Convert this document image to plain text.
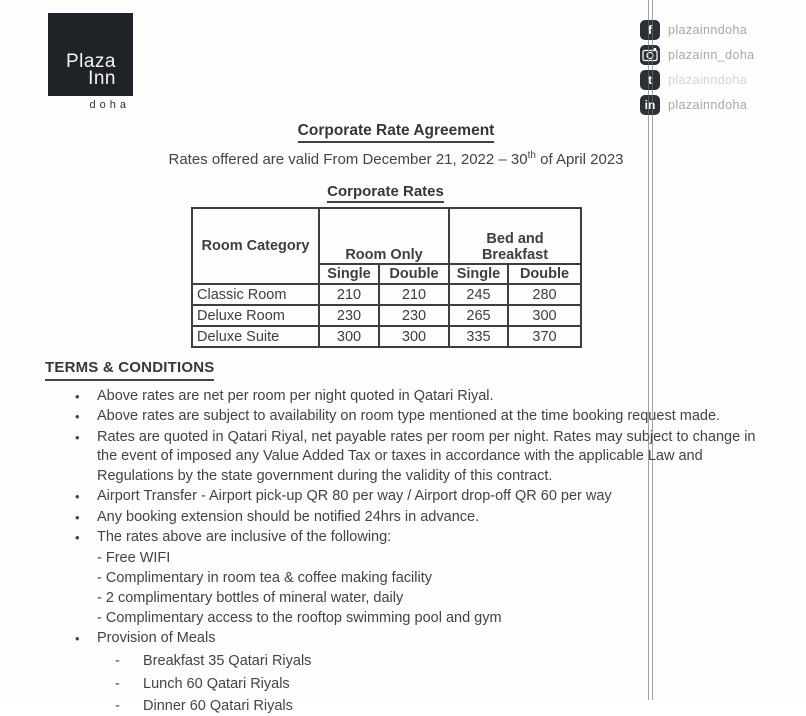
Plaza
Inn
doha
f	plazainndoha
plazainn_doha
t	plazainndoha
in	plazainndoha
Corporate Rate Agreement
Rates offered are valid From December 21, 2022 – 30th of April 2023
Corporate Rates
Room Category	Room Only		Bed and Breakfast	
	Single	Double	Single	Double
Classic Room	210	210	245	280
Deluxe Room	230	230	265	300
Deluxe Suite	300	300	335	370
TERMS & CONDITIONS
•	Above rates are net per room per night quoted in Qatari Riyal.
•	Above rates are subject to availability on room type mentioned at the time booking request made.
•	Rates are quoted in Qatari Riyal, net payable rates per room per night. Rates may subject to change in the event of imposed any Value Added Tax or taxes in accordance with the applicable Law and Regulations by the state government during the validity of this contract.
•	Airport Transfer - Airport pick-up QR 80 per way / Airport drop-off QR 60 per way
•	Any booking extension should be notified 24hrs in advance.
•	The rates above are inclusive of the following:
- Free WIFI
- Complimentary in room tea & coffee making facility
- 2 complimentary bottles of mineral water, daily
- Complimentary access to the rooftop swimming pool and gym
•	Provision of Meals
-	Breakfast 35 Qatari Riyals
-	Lunch 60 Qatari Riyals
-	Dinner 60 Qatari Riyals
